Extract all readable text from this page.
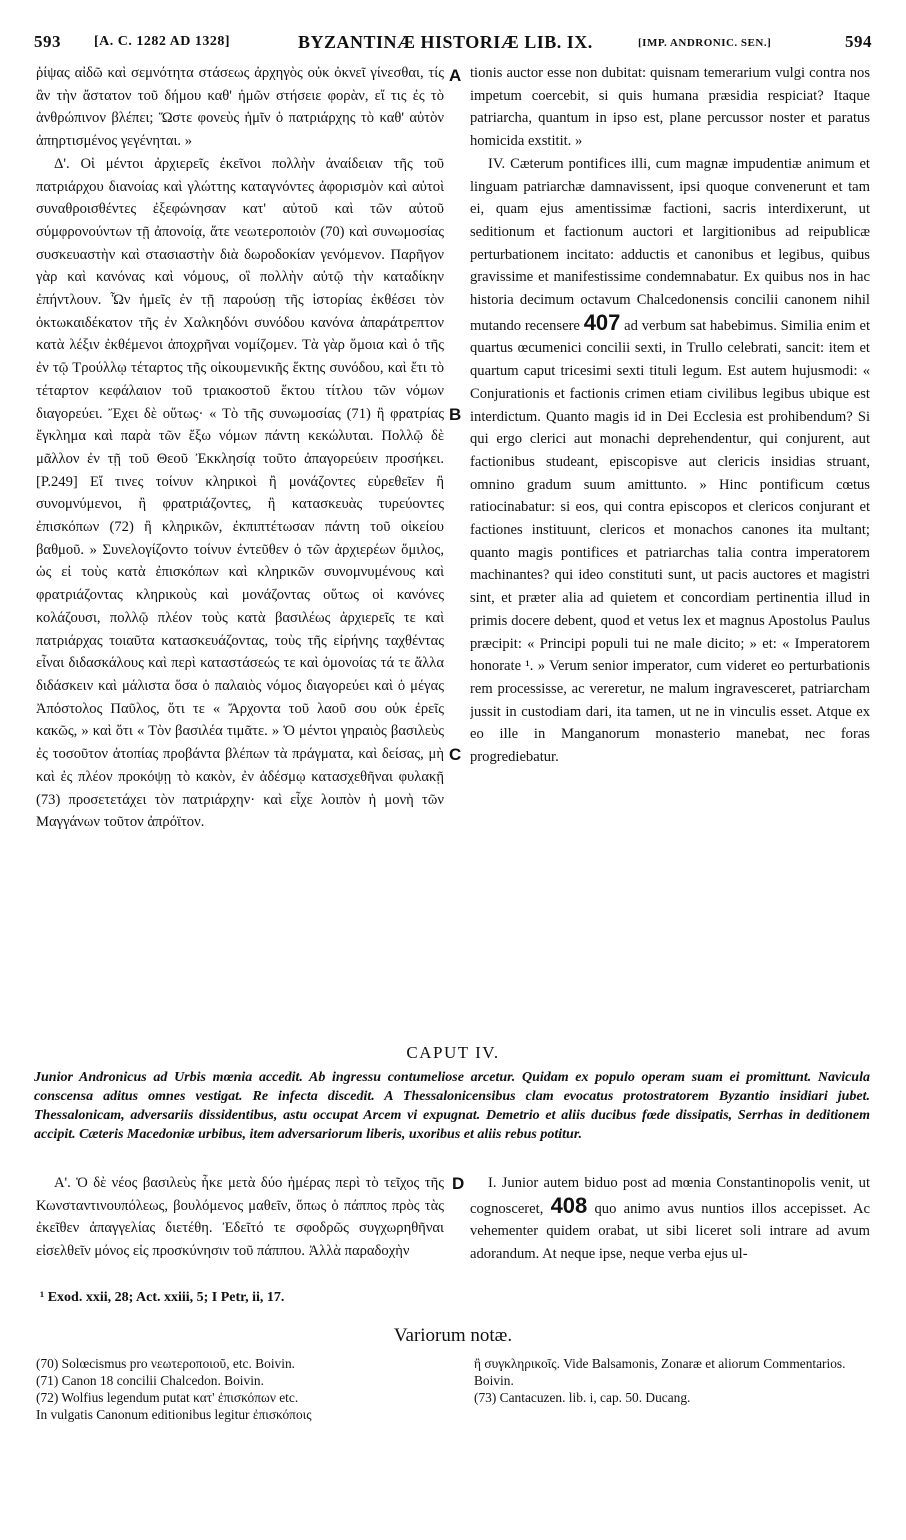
593 [A. C. 1282 AD 1328]	BYZANTINÆ HISTORIÆ LIB. IX.	[IMP. ANDRONIC. SEN.]	594

ῥίψας αἰδῶ καὶ σεμνότητα στάσεως ἀρχηγὸς οὐκ ὀκνεῖ γίνεσθαι, τίς ἂν τὴν ἄστατον τοῦ δήμου καθ' ἡμῶν στήσειε φορὰν, εἴ τις ἐς τὸ ἀνθρώπινον βλέπει; Ὥστε φονεὺς ἡμῖν ὁ πατριάρχης τὸ καθ' αὑτὸν ἀπηρτισμένος γεγένηται. »

Δ'. Οἱ μέντοι ἀρχιερεῖς ἐκεῖνοι πολλὴν ἀναίδειαν τῆς τοῦ πατριάρχου διανοίας καὶ γλώττης καταγνόντες ἀφορισμὸν καὶ αὐτοὶ συναθροισθέντες ἐξεφώνησαν κατ' αὐτοῦ καὶ τῶν αὐτοῦ σύμφρονούντων τῇ ἀπονοίᾳ, ἅτε νεωτεροποιὸν (70) καὶ συνωμοσίας συσκευαστὴν καὶ στασιαστὴν διὰ δωροδοκίαν γενόμενον. Παρῆγον γὰρ καὶ κανόνας καὶ νόμους, οἳ πολλὴν αὐτῷ τὴν καταδίκην ἐπήντλουν. Ὧν ἡμεῖς ἐν τῇ παρούσῃ τῆς ἱστορίας ἐκθέσει τὸν ὀκτωκαιδέκατον τῆς ἐν Χαλκηδόνι συνόδου κανόνα ἀπαράτρεπτον κατὰ λέξιν ἐκθέμενοι ἀποχρῆναι νομίζομεν. Τὰ γὰρ ὅμοια καὶ ὁ τῆς ἐν τῷ Τρούλλῳ τέταρτος τῆς οἰκουμενικῆς ἕκτης συνόδου, καὶ ἔτι τὸ τέταρτον κεφάλαιον τοῦ τριακοστοῦ ἕκτου τίτλου τῶν νόμων διαγορεύει. Ἔχει δὲ οὕτως· « Τὸ τῆς συνωμοσίας (71) ἢ φρατρίας ἔγκλημα καὶ παρὰ τῶν ἔξω νόμων πάντη κεκώλυται. Πολλῷ δὲ μᾶλλον ἐν τῇ τοῦ Θεοῦ Ἐκκλησίᾳ τοῦτο ἀπαγορεύειν προσήκει. [P.249] Εἴ τινες τοίνυν κληρικοὶ ἢ μονάζοντες εὑρεθεῖεν ἢ συνομνύμενοι, ἢ φρατριάζοντες, ἢ κατασκευὰς τυρεύοντες ἐπισκόπων (72) ἢ κληρικῶν, ἐκπιπτέτωσαν πάντη τοῦ οἰκείου βαθμοῦ. » Συνελογίζοντο τοίνυν ἐντεῦθεν ὁ τῶν ἀρχιερέων ὅμιλος, ὡς εἰ τοὺς κατὰ ἐπισκόπων καὶ κληρικῶν συνομνυμένους καὶ φρατριάζοντας κληρικοὺς καὶ μονάζοντας οὕτως οἱ κανόνες κολάζουσι, πολλῷ πλέον τοὺς κατὰ βασιλέως ἀρχιερεῖς τε καὶ πατριάρχας τοιαῦτα κατασκευάζοντας, τοὺς τῆς εἰρήνης ταχθέντας εἶναι διδασκάλους καὶ περὶ καταστάσεώς τε καὶ ὁμονοίας τά τε ἄλλα διδάσκειν καὶ μάλιστα ὅσα ὁ παλαιὸς νόμος διαγορεύει καὶ ὁ μέγας Ἀπόστολος Παῦλος, ὅτι τε « Ἄρχοντα τοῦ λαοῦ σου οὐκ ἐρεῖς κακῶς, » καὶ ὅτι « Τὸν βασιλέα τιμᾶτε. » Ὁ μέντοι γηραιὸς βασιλεὺς ἐς τοσοῦτον ἀτοπίας προβάντα βλέπων τὰ πράγματα, καὶ δείσας, μὴ καὶ ἐς πλέον προκόψῃ τὸ κακὸν, ἐν ἀδέσμῳ κατασχεθῆναι φυλακῇ (73) προσετετάχει τὸν πατριάρχην· καὶ εἶχε λοιπὸν ἡ μονὴ τῶν Μαγγάνων τοῦτον ἀπρόϊτον.

A
B
C
D

tionis auctor esse non dubitat: quisnam temerarium vulgi contra nos impetum coercebit, si quis humana præsidia respiciat? Itaque patriarcha, quantum in ipso est, plane percussor noster et paratus homicida exstitit. »

IV. Cæterum pontifices illi, cum magnæ impudentiæ animum et linguam patriarchæ damnavissent, ipsi quoque convenerunt et tam ei, quam ejus amentissimæ factioni, sacris interdixerunt, ut seditionum et factionum auctori et largitionibus ad reipublicæ perturbationem incitato: adductis et canonibus et legibus, quibus gravissime et manifestissime condemnabatur. Ex quibus nos in hac historia decimum octavum Chalcedonensis concilii canonem nihil mutando recensere 407 ad verbum sat habebimus. Similia enim et quartus œcumenici concilii sexti, in Trullo celebrati, sancit: item et quartum caput tricesimi sexti tituli legum. Est autem hujusmodi: « Conjurationis et factionis crimen etiam civilibus legibus ubique est interdictum. Quanto magis id in Dei Ecclesia est prohibendum? Si qui ergo clerici aut monachi deprehendentur, qui conjurent, aut factionibus studeant, episcopisve aut clericis insidias struant, omnino gradum suum amittunto. » Hinc pontificum cœtus ratiocinabatur: si eos, qui contra episcopos et clericos conjurant et factiones instituunt, clericos et monachos canones ita multant; quanto magis pontifices et patriarchas talia contra imperatorem machinantes? qui ideo constituti sunt, ut pacis auctores et magistri sint, et præter alia ad quietem et concordiam pertinentia illud in primis docere debent, quod et vetus lex et magnus Apostolus Paulus præcipit: « Principi populi tui ne male dicito; » et: « Imperatorem honorate ¹. » Verum senior imperator, cum videret eo perturbationis rem processisse, ac vereretur, ne malum ingravesceret, patriarcham jussit in custodiam dari, ita tamen, ut ne in vinculis esset. Atque ex eo ille in Manganorum monasterio manebat, nec foras progrediebatur.

CAPUT IV.

Junior Andronicus ad Urbis mœnia accedit. Ab ingressu contumeliose arcetur. Quidam ex populo operam suam ei promittunt. Navicula conscensa aditus omnes vestigat. Re infecta discedit. A Thessalonicensibus clam evocatus protostratorem Byzantio insidiari jubet. Thessalonicam, adversariis dissidentibus, astu occupat Arcem vi expugnat. Demetrio et aliis ducibus fœde dissipatis, Serrhas in deditionem accipit. Cæteris Macedoniæ urbibus, item adversariorum liberis, uxoribus et aliis rebus potitur.

Α'. Ὁ δὲ νέος βασιλεὺς ἧκε μετὰ δύο ἡμέρας περὶ τὸ τεῖχος τῆς Κωνσταντινουπόλεως, βουλόμενος μαθεῖν, ὅπως ὁ πάππος πρὸς τὰς ἐκεῖθεν ἀπαγγελίας διετέθη. Ἐδεῖτό τε σφοδρῶς συγχωρηθῆναι εἰσελθεῖν μόνος εἰς προσκύνησιν τοῦ πάππου. Ἀλλὰ παραδοχὴν

I. Junior autem biduo post ad mœnia Constantinopolis venit, ut cognosceret, 408 quo animo avus nuntios illos accepisset. Ac vehementer quidem orabat, ut sibi liceret soli intrare ad avum adorandum. At neque ipse, neque verba ejus ul-

¹ Exod. xxii, 28; Act. xxiii, 5; I Petr, ii, 17.
Variorum notæ.
(70) Solœcismus pro νεωτεροποιοῦ, etc. Boivin.
(71) Canon 18 concilii Chalcedon. Boivin.
(72) Wolfius legendum putat κατ' ἐπισκόπων etc.
In vulgatis Canonum editionibus legitur ἐπισκόποις
ἢ συγκληρικοῖς. Vide Balsamonis, Zonaræ et aliorum Commentarios. Boivin.
(73) Cantacuzen. lib. i, cap. 50. Ducang.
